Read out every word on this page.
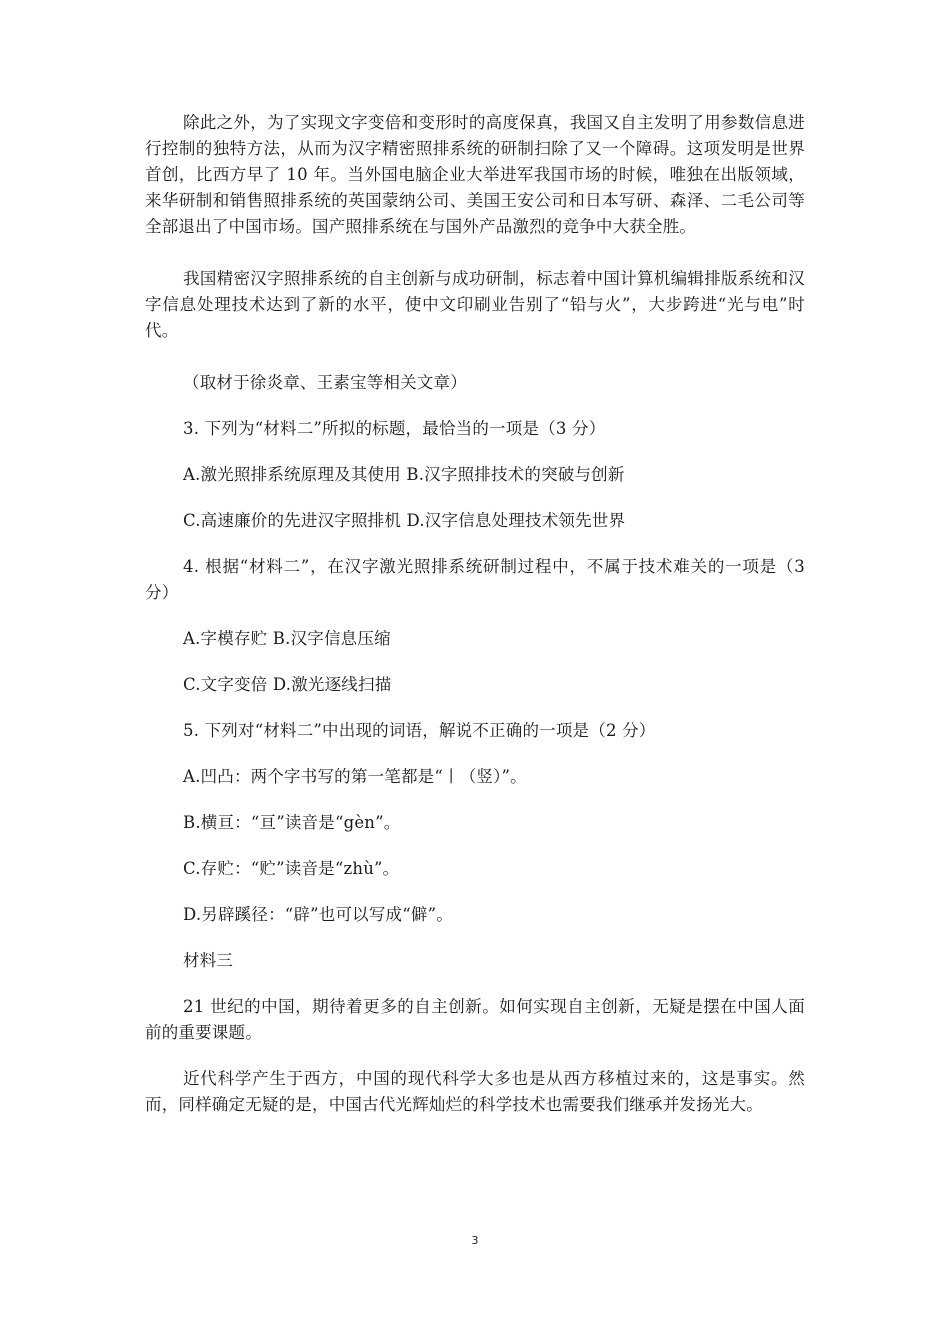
除此之外，为了实现文字变倍和变形时的高度保真，我国又自主发明了用参数信息进行控制的独特方法，从而为汉字精密照排系统的研制扫除了又一个障碍。这项发明是世界首创，比西方早了 10 年。当外国电脑企业大举进军我国市场的时候，唯独在出版领域，来华研制和销售照排系统的英国蒙纳公司、美国王安公司和日本写研、森泽、二毛公司等全部退出了中国市场。国产照排系统在与国外产品激烈的竞争中大获全胜。

我国精密汉字照排系统的自主创新与成功研制，标志着中国计算机编辑排版系统和汉字信息处理技术达到了新的水平，使中文印刷业告别了“铅与火”，大步跨进“光与电”时代。

（取材于徐炎章、王素宝等相关文章）

3. 下列为“材料二”所拟的标题，最恰当的一项是（3 分）

A.激光照排系统原理及其使用 B.汉字照排技术的突破与创新

C.高速廉价的先进汉字照排机 D.汉字信息处理技术领先世界

4. 根据“材料二”，在汉字激光照排系统研制过程中，不属于技术难关的一项是（3 分）

A.字模存贮 B.汉字信息压缩

C.文字变倍 D.激光逐线扫描

5. 下列对“材料二”中出现的词语，解说不正确的一项是（2 分）

A.凹凸：两个字书写的第一笔都是“丨（竖）”。

B.横亘：“亘”读音是“gèn”。

C.存贮：“贮”读音是“zhù”。

D.另辟蹊径：“辟”也可以写成“僻”。

材料三

21 世纪的中国，期待着更多的自主创新。如何实现自主创新，无疑是摆在中国人面前的重要课题。

近代科学产生于西方，中国的现代科学大多也是从西方移植过来的，这是事实。然而，同样确定无疑的是，中国古代光辉灿烂的科学技术也需要我们继承并发扬光大。

3
